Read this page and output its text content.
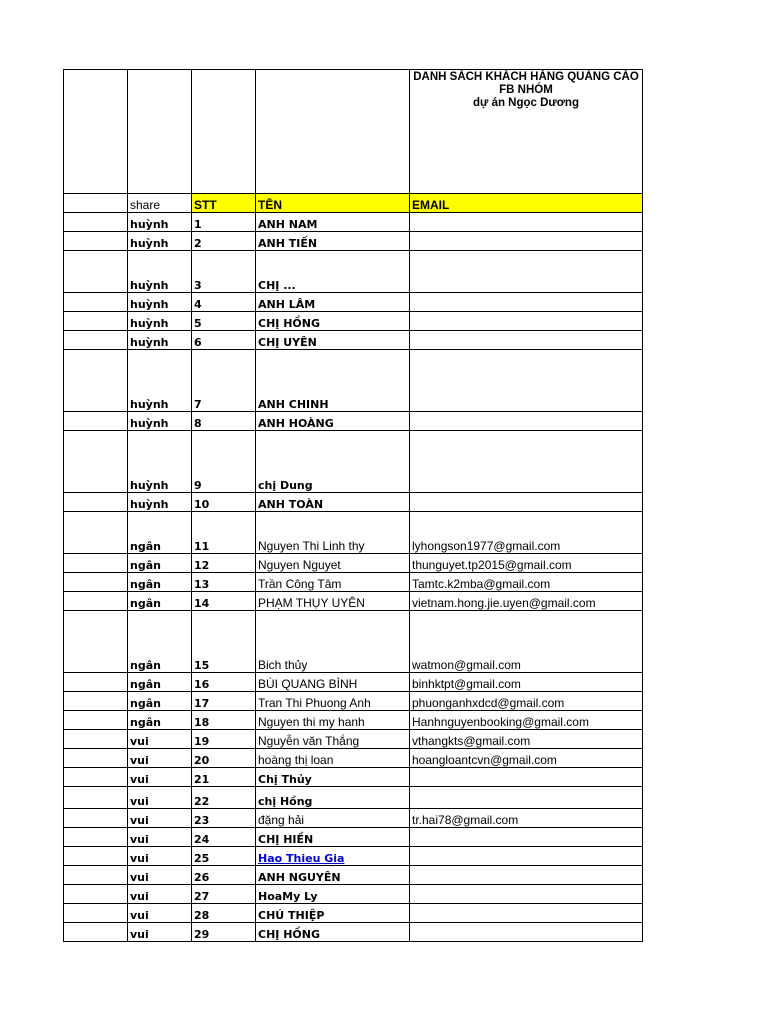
				DANH SÁCH KHÁCH HÀNG QUẢNG CÁO
FB NHÓM
dự án Ngọc Dương

	share	STT	TÊN	EMAIL
	huỳnh	1	ANH NAM	
	huỳnh	2	ANH TIẾN	
	huỳnh	3	CHỊ ...	
	huỳnh	4	ANH LÂM	
	huỳnh	5	CHỊ HỒNG	
	huỳnh	6	CHỊ UYÊN	
	huỳnh	7	ANH CHINH	
	huỳnh	8	ANH HOÀNG	
	huỳnh	9	chị Dung	
	huỳnh	10	ANH TOÀN	
	ngân	11	Nguyen Thi Linh thy	lyhongson1977@gmail.com
	ngân	12	Nguyen Nguyet	thunguyet.tp2015@gmail.com
	ngân	13	Trần Công Tâm	Tamtc.k2mba@gmail.com
	ngân	14	PHẠM THỤY UYÊN	vietnam.hong.jie.uyen@gmail.com
	ngân	15	Bich thủy	watmon@gmail.com
	ngân	16	BÙI QUANG BÌNH	binhktpt@gmail.com
	ngân	17	Tran Thi Phuong Anh	phuonganhxdcd@gmail.com
	ngân	18	Nguyen thi my hanh	Hanhnguyenbooking@gmail.com
	vui	19	Nguyễn văn Thắng	vthangkts@gmail.com
	vui	20	hoàng thị loan	hoangloantcvn@gmail.com
	vui	21	Chị Thủy	
	vui	22	chị Hồng	
	vui	23	đặng hải	tr.hai78@gmail.com
	vui	24	CHỊ HIỀN	
	vui	25	Hao Thieu Gia	
	vui	26	ANH NGUYÊN	
	vui	27	HoaMy Ly	
	vui	28	CHÚ THIỆP	
	vui	29	CHỊ HỒNG	
